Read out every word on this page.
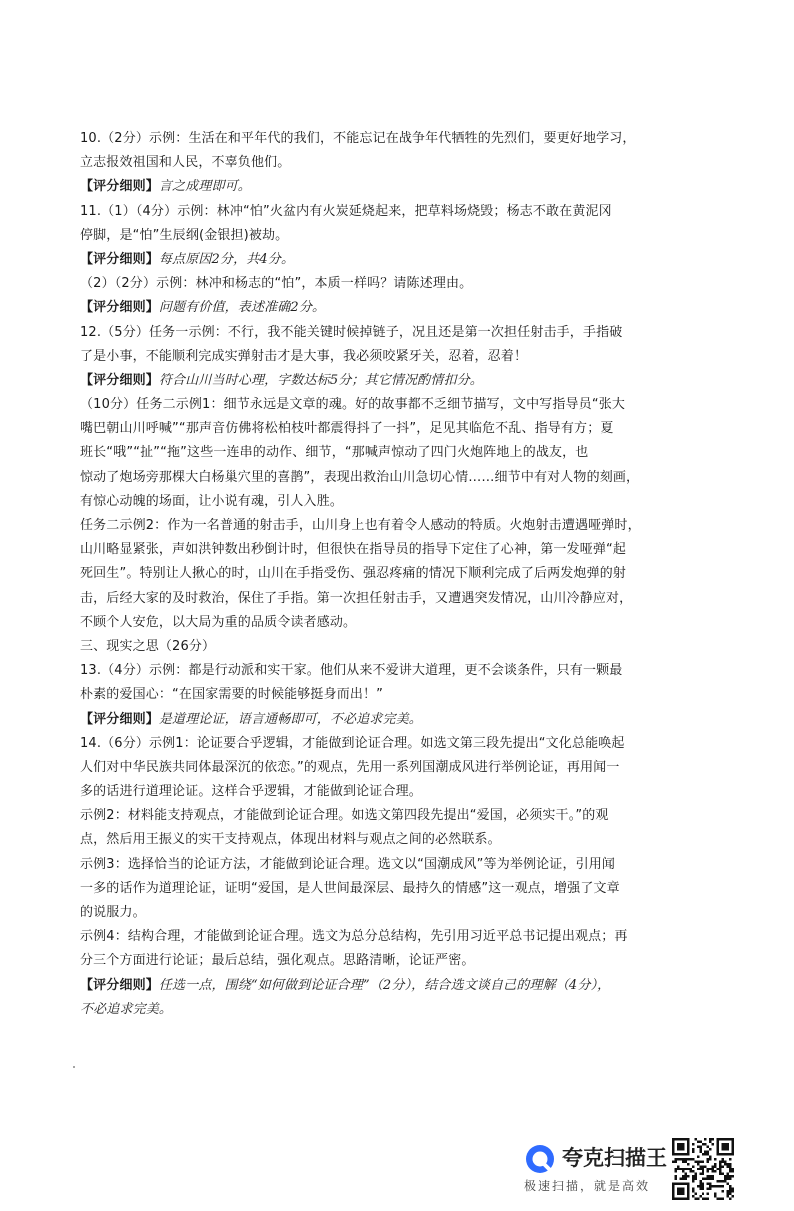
10.（2分）示例：生活在和平年代的我们，不能忘记在战争年代牺牲的先烈们，要更好地学习，
立志报效祖国和人民，不辜负他们。
【评分细则】言之成理即可。
11.（1）（4分）示例：林冲“怕”火盆内有火炭延烧起来，把草料场烧毁；杨志不敢在黄泥冈
停脚，是“怕”生辰纲(金银担)被劫。
【评分细则】每点原因2分，共4分。
（2）（2分）示例：林冲和杨志的“怕”，本质一样吗？请陈述理由。
【评分细则】问题有价值，表述准确2分。
12.（5分）任务一示例：不行，我不能关键时候掉链子，况且还是第一次担任射击手，手指破
了是小事，不能顺利完成实弹射击才是大事，我必须咬紧牙关，忍着，忍着！
【评分细则】符合山川当时心理，字数达标5分；其它情况酌情扣分。
（10分）任务二示例1：细节永远是文章的魂。好的故事都不乏细节描写，文中写指导员“张大
嘴巴朝山川呼喊”“那声音仿佛将松柏枝叶都震得抖了一抖”，足见其临危不乱、指导有方；夏
班长“哦”“扯”“拖”这些一连串的动作、细节，“那喊声惊动了四门火炮阵地上的战友，也
惊动了炮场旁那棵大白杨巢穴里的喜鹊”，表现出救治山川急切心情……细节中有对人物的刻画，
有惊心动魄的场面，让小说有魂，引人入胜。
任务二示例2：作为一名普通的射击手，山川身上也有着令人感动的特质。火炮射击遭遇哑弹时，
山川略显紧张，声如洪钟数出秒倒计时，但很快在指导员的指导下定住了心神，第一发哑弹“起
死回生”。特别让人揪心的时，山川在手指受伤、强忍疼痛的情况下顺利完成了后两发炮弹的射
击，后经大家的及时救治，保住了手指。第一次担任射击手，又遭遇突发情况，山川冷静应对，
不顾个人安危，以大局为重的品质令读者感动。
三、现实之思（26分）
13.（4分）示例：都是行动派和实干家。他们从来不爱讲大道理，更不会谈条件，只有一颗最
朴素的爱国心：“在国家需要的时候能够挺身而出！”
【评分细则】是道理论证，语言通畅即可，不必追求完美。
14.（6分）示例1：论证要合乎逻辑，才能做到论证合理。如选文第三段先提出“文化总能唤起
人们对中华民族共同体最深沉的依恋。”的观点，先用一系列国潮成风进行举例论证，再用闻一
多的话进行道理论证。这样合乎逻辑，才能做到论证合理。
示例2：材料能支持观点，才能做到论证合理。如选文第四段先提出“爱国，必须实干。”的观
点，然后用王振义的实干支持观点，体现出材料与观点之间的必然联系。
示例3：选择恰当的论证方法，才能做到论证合理。选文以“国潮成风”等为举例论证，引用闻
一多的话作为道理论证，证明“爱国，是人世间最深层、最持久的情感”这一观点，增强了文章
的说服力。
示例4：结构合理，才能做到论证合理。选文为总分总结构，先引用习近平总书记提出观点；再
分三个方面进行论证；最后总结，强化观点。思路清晰，论证严密。
【评分细则】任选一点，围绕“如何做到论证合理”（2分），结合选文谈自己的理解（4分），
不必追求完美。
夸克扫描王
极速扫描，就是高效
